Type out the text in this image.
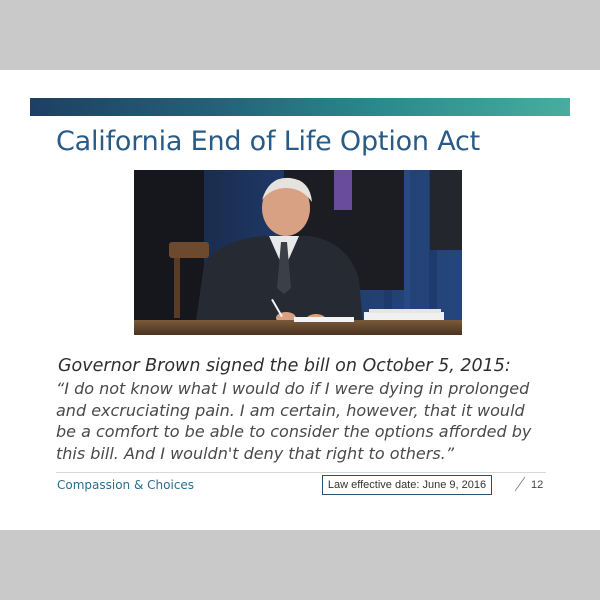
California End of Life Option Act
Governor Brown signed the bill on October 5, 2015:
“I do not know what I would do if I were dying in prolonged
and excruciating pain. I am certain, however, that it would
be a comfort to be able to consider the options afforded by
this bill. And I wouldn't deny that right to others.”
Compassion & Choices	Law effective date: June 9, 2016	12
